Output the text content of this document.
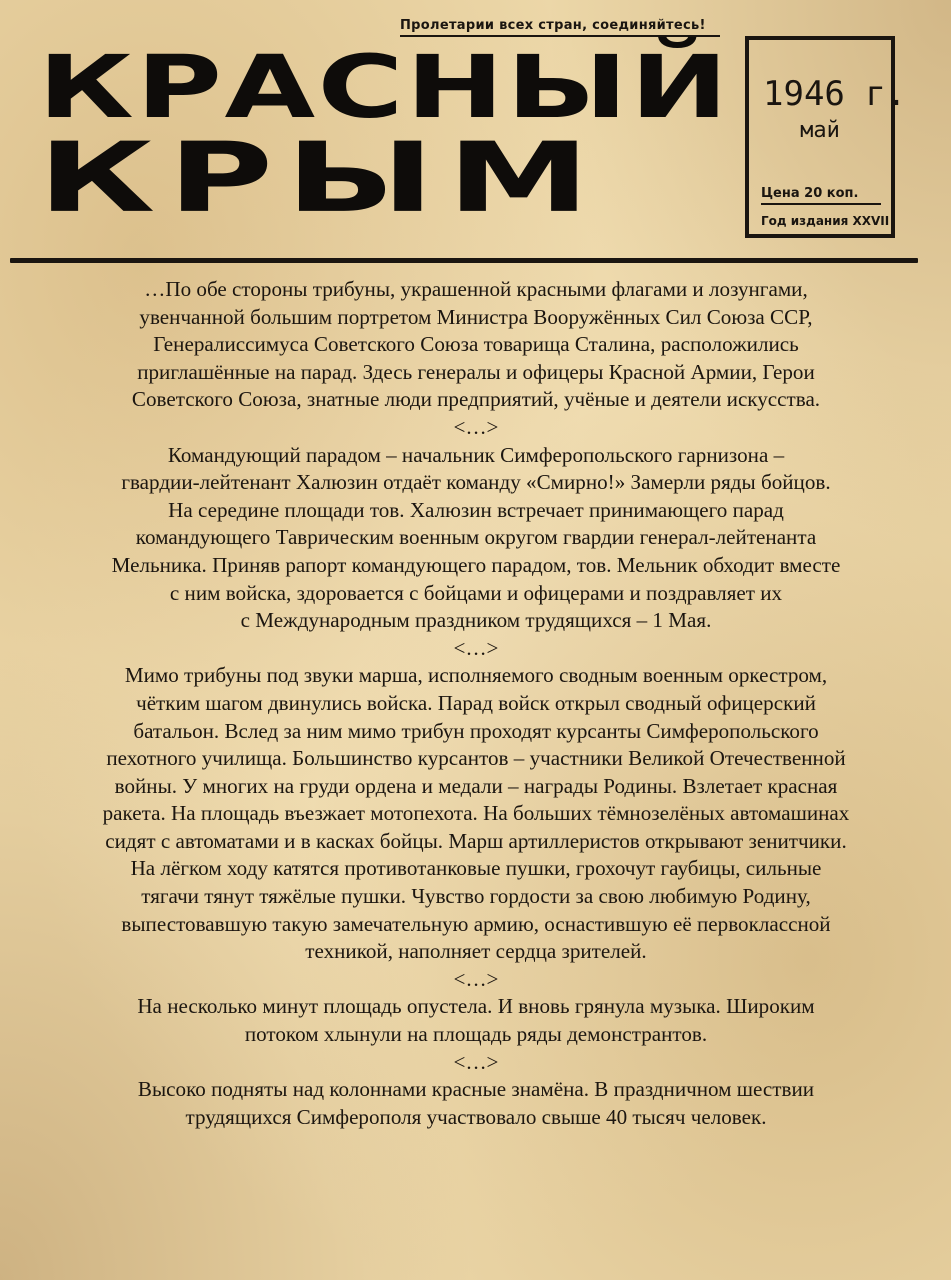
Пролетарии всех стран, соединяйтесь!
КРАСНЫЙ
КРЫМ
1946 г.
май
Цена 20 коп.
Год издания XXVII
…По обе стороны трибуны, украшенной красными флагами и лозунгами,увенчанной большим портретом Министра Вооружённых Сил Союза ССР,Генералиссимуса Советского Союза товарища Сталина, расположилисьприглашённые на парад. Здесь генералы и офицеры Красной Армии, ГероиСоветского Союза, знатные люди предприятий, учёные и деятели искусства.<…>Командующий парадом – начальник Симферопольского гарнизона –гвардии-лейтенант Халюзин отдаёт команду «Смирно!» Замерли ряды бойцов.На середине площади тов. Халюзин встречает принимающего парадкомандующего Таврическим военным округом гвардии генерал-лейтенантаМельника. Приняв рапорт командующего парадом, тов. Мельник обходит вместес ним войска, здоровается с бойцами и офицерами и поздравляет ихс Международным праздником трудящихся – 1 Мая.<…>Мимо трибуны под звуки марша, исполняемого сводным военным оркестром,чётким шагом двинулись войска. Парад войск открыл сводный офицерскийбатальон. Вслед за ним мимо трибун проходят курсанты Симферопольскогопехотного училища. Большинство курсантов – участники Великой Отечественнойвойны. У многих на груди ордена и медали – награды Родины. Взлетает краснаяракета. На площадь въезжает мотопехота. На больших тёмнозелёных автомашинахсидят с автоматами и в касках бойцы. Марш артиллеристов открывают зенитчики.На лёгком ходу катятся противотанковые пушки, грохочут гаубицы, сильныетягачи тянут тяжёлые пушки. Чувство гордости за свою любимую Родину,выпестовавшую такую замечательную армию, оснастившую её первокласснойтехникой, наполняет сердца зрителей.<…>На несколько минут площадь опустела. И вновь грянула музыка. Широкимпотоком хлынули на площадь ряды демонстрантов.<…>Высоко подняты над колоннами красные знамёна. В праздничном шествиитрудящихся Симферополя участвовало свыше 40 тысяч человек.
